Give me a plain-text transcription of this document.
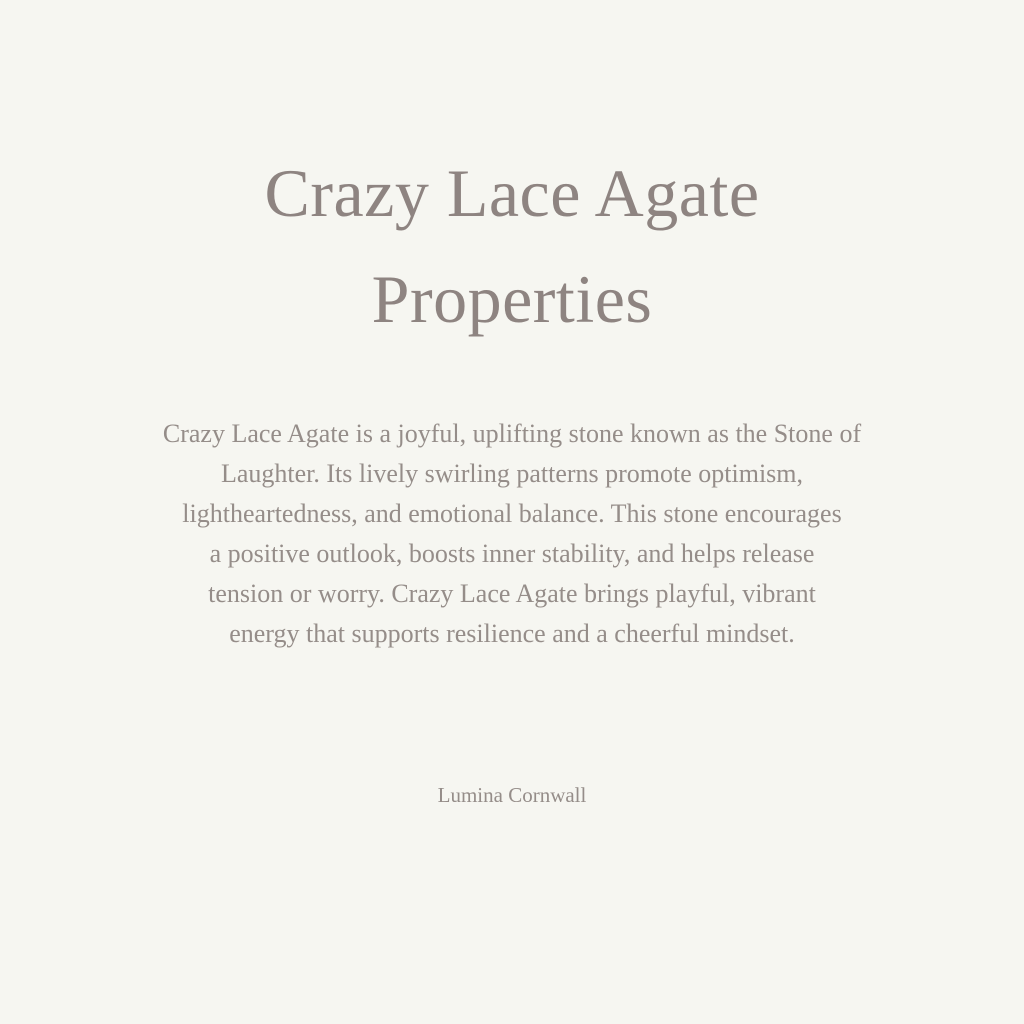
Crazy Lace Agate
Properties

Crazy Lace Agate is a joyful, uplifting stone known as the Stone of
Laughter. Its lively swirling patterns promote optimism,
lightheartedness, and emotional balance. This stone encourages
a positive outlook, boosts inner stability, and helps release
tension or worry. Crazy Lace Agate brings playful, vibrant
energy that supports resilience and a cheerful mindset.

Lumina Cornwall
